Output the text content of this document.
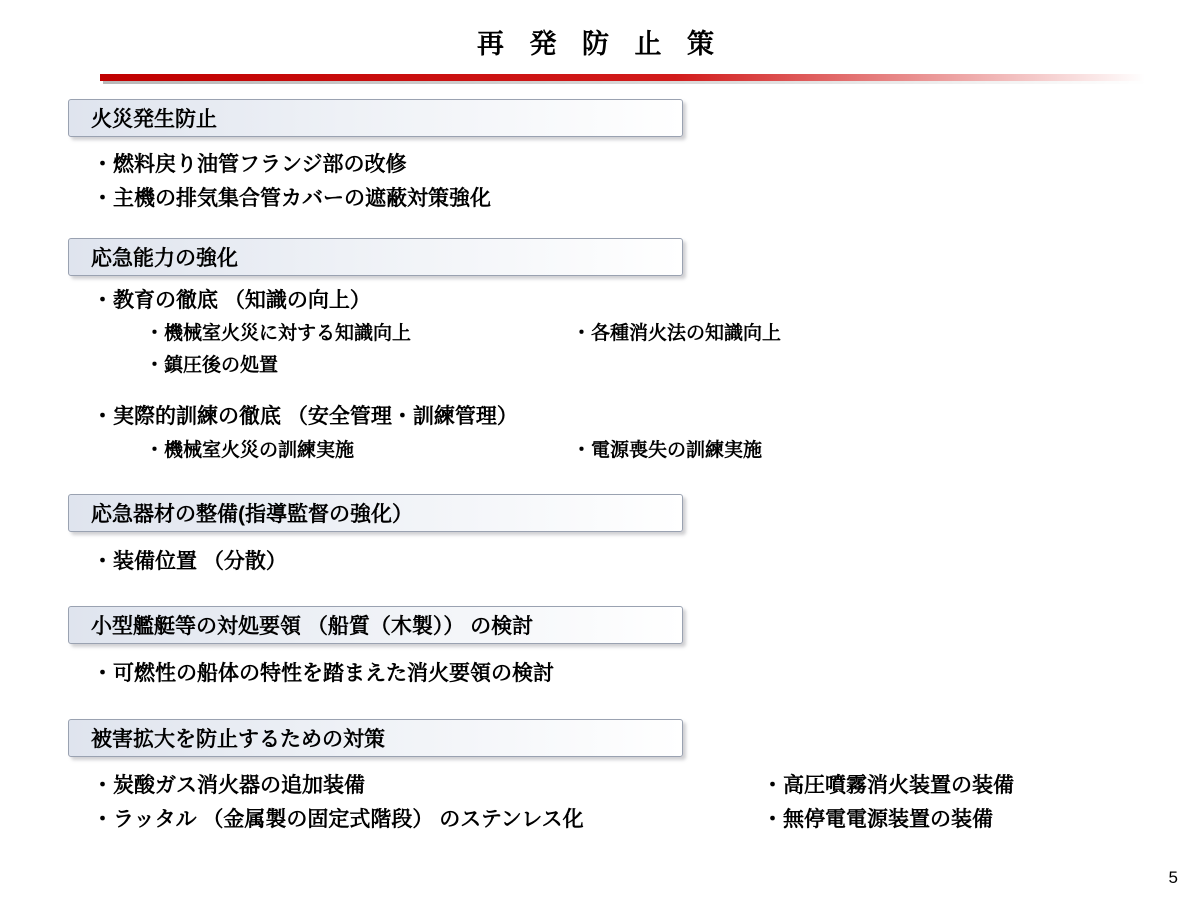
再 発 防 止 策
火災発生防止
・燃料戻り油管フランジ部の改修
・主機の排気集合管カバーの遮蔽対策強化
応急能力の強化
・教育の徹底 （知識の向上）
・機械室火災に対する知識向上	・各種消火法の知識向上
・鎮圧後の処置
・実際的訓練の徹底 （安全管理・訓練管理）
・機械室火災の訓練実施	・電源喪失の訓練実施
応急器材の整備(指導監督の強化）
・装備位置 （分散）
小型艦艇等の対処要領 （船質（木製）） の検討
・可燃性の船体の特性を踏まえた消火要領の検討
被害拡大を防止するための対策
・炭酸ガス消火器の追加装備	・高圧噴霧消火装置の装備
・ラッタル （金属製の固定式階段） のステンレス化	・無停電電源装置の装備
5
